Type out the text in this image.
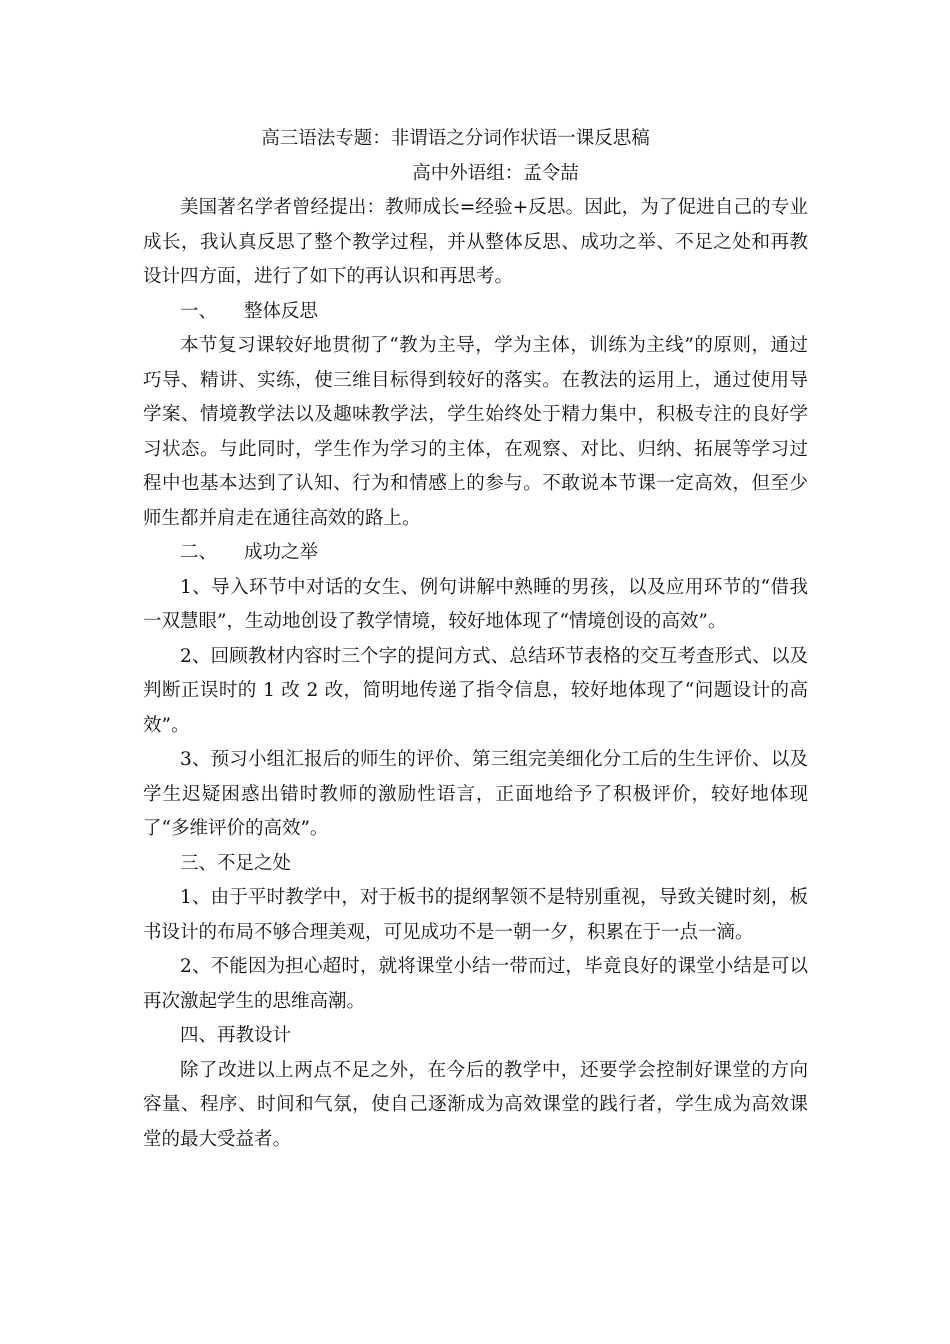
高三语法专题：非谓语之分词作状语一课反思稿

高中外语组：孟令喆

美国著名学者曾经提出：教师成长=经验+反思。因此，为了促进自己的专业成长，我认真反思了整个教学过程，并从整体反思、成功之举、不足之处和再教设计四方面，进行了如下的再认识和再思考。

一、 整体反思

本节复习课较好地贯彻了“教为主导，学为主体，训练为主线”的原则，通过巧导、精讲、实练，使三维目标得到较好的落实。在教法的运用上，通过使用导学案、情境教学法以及趣味教学法，学生始终处于精力集中，积极专注的良好学习状态。与此同时，学生作为学习的主体，在观察、对比、归纳、拓展等学习过程中也基本达到了认知、行为和情感上的参与。不敢说本节课一定高效，但至少师生都并肩走在通往高效的路上。

二、 成功之举

1、导入环节中对话的女生、例句讲解中熟睡的男孩，以及应用环节的“借我一双慧眼”，生动地创设了教学情境，较好地体现了“情境创设的高效”。

2、回顾教材内容时三个字的提问方式、总结环节表格的交互考查形式、以及判断正误时的 1 改 2 改，简明地传递了指令信息，较好地体现了“问题设计的高效”。

3、预习小组汇报后的师生的评价、第三组完美细化分工后的生生评价、以及学生迟疑困惑出错时教师的激励性语言，正面地给予了积极评价，较好地体现了“多维评价的高效”。

三、不足之处

1、由于平时教学中，对于板书的提纲挈领不是特别重视，导致关键时刻，板书设计的布局不够合理美观，可见成功不是一朝一夕，积累在于一点一滴。

2、不能因为担心超时，就将课堂小结一带而过，毕竟良好的课堂小结是可以再次激起学生的思维高潮。

四、再教设计

除了改进以上两点不足之外，在今后的教学中，还要学会控制好课堂的方向容量、程序、时间和气氛，使自己逐渐成为高效课堂的践行者，学生成为高效课堂的最大受益者。
